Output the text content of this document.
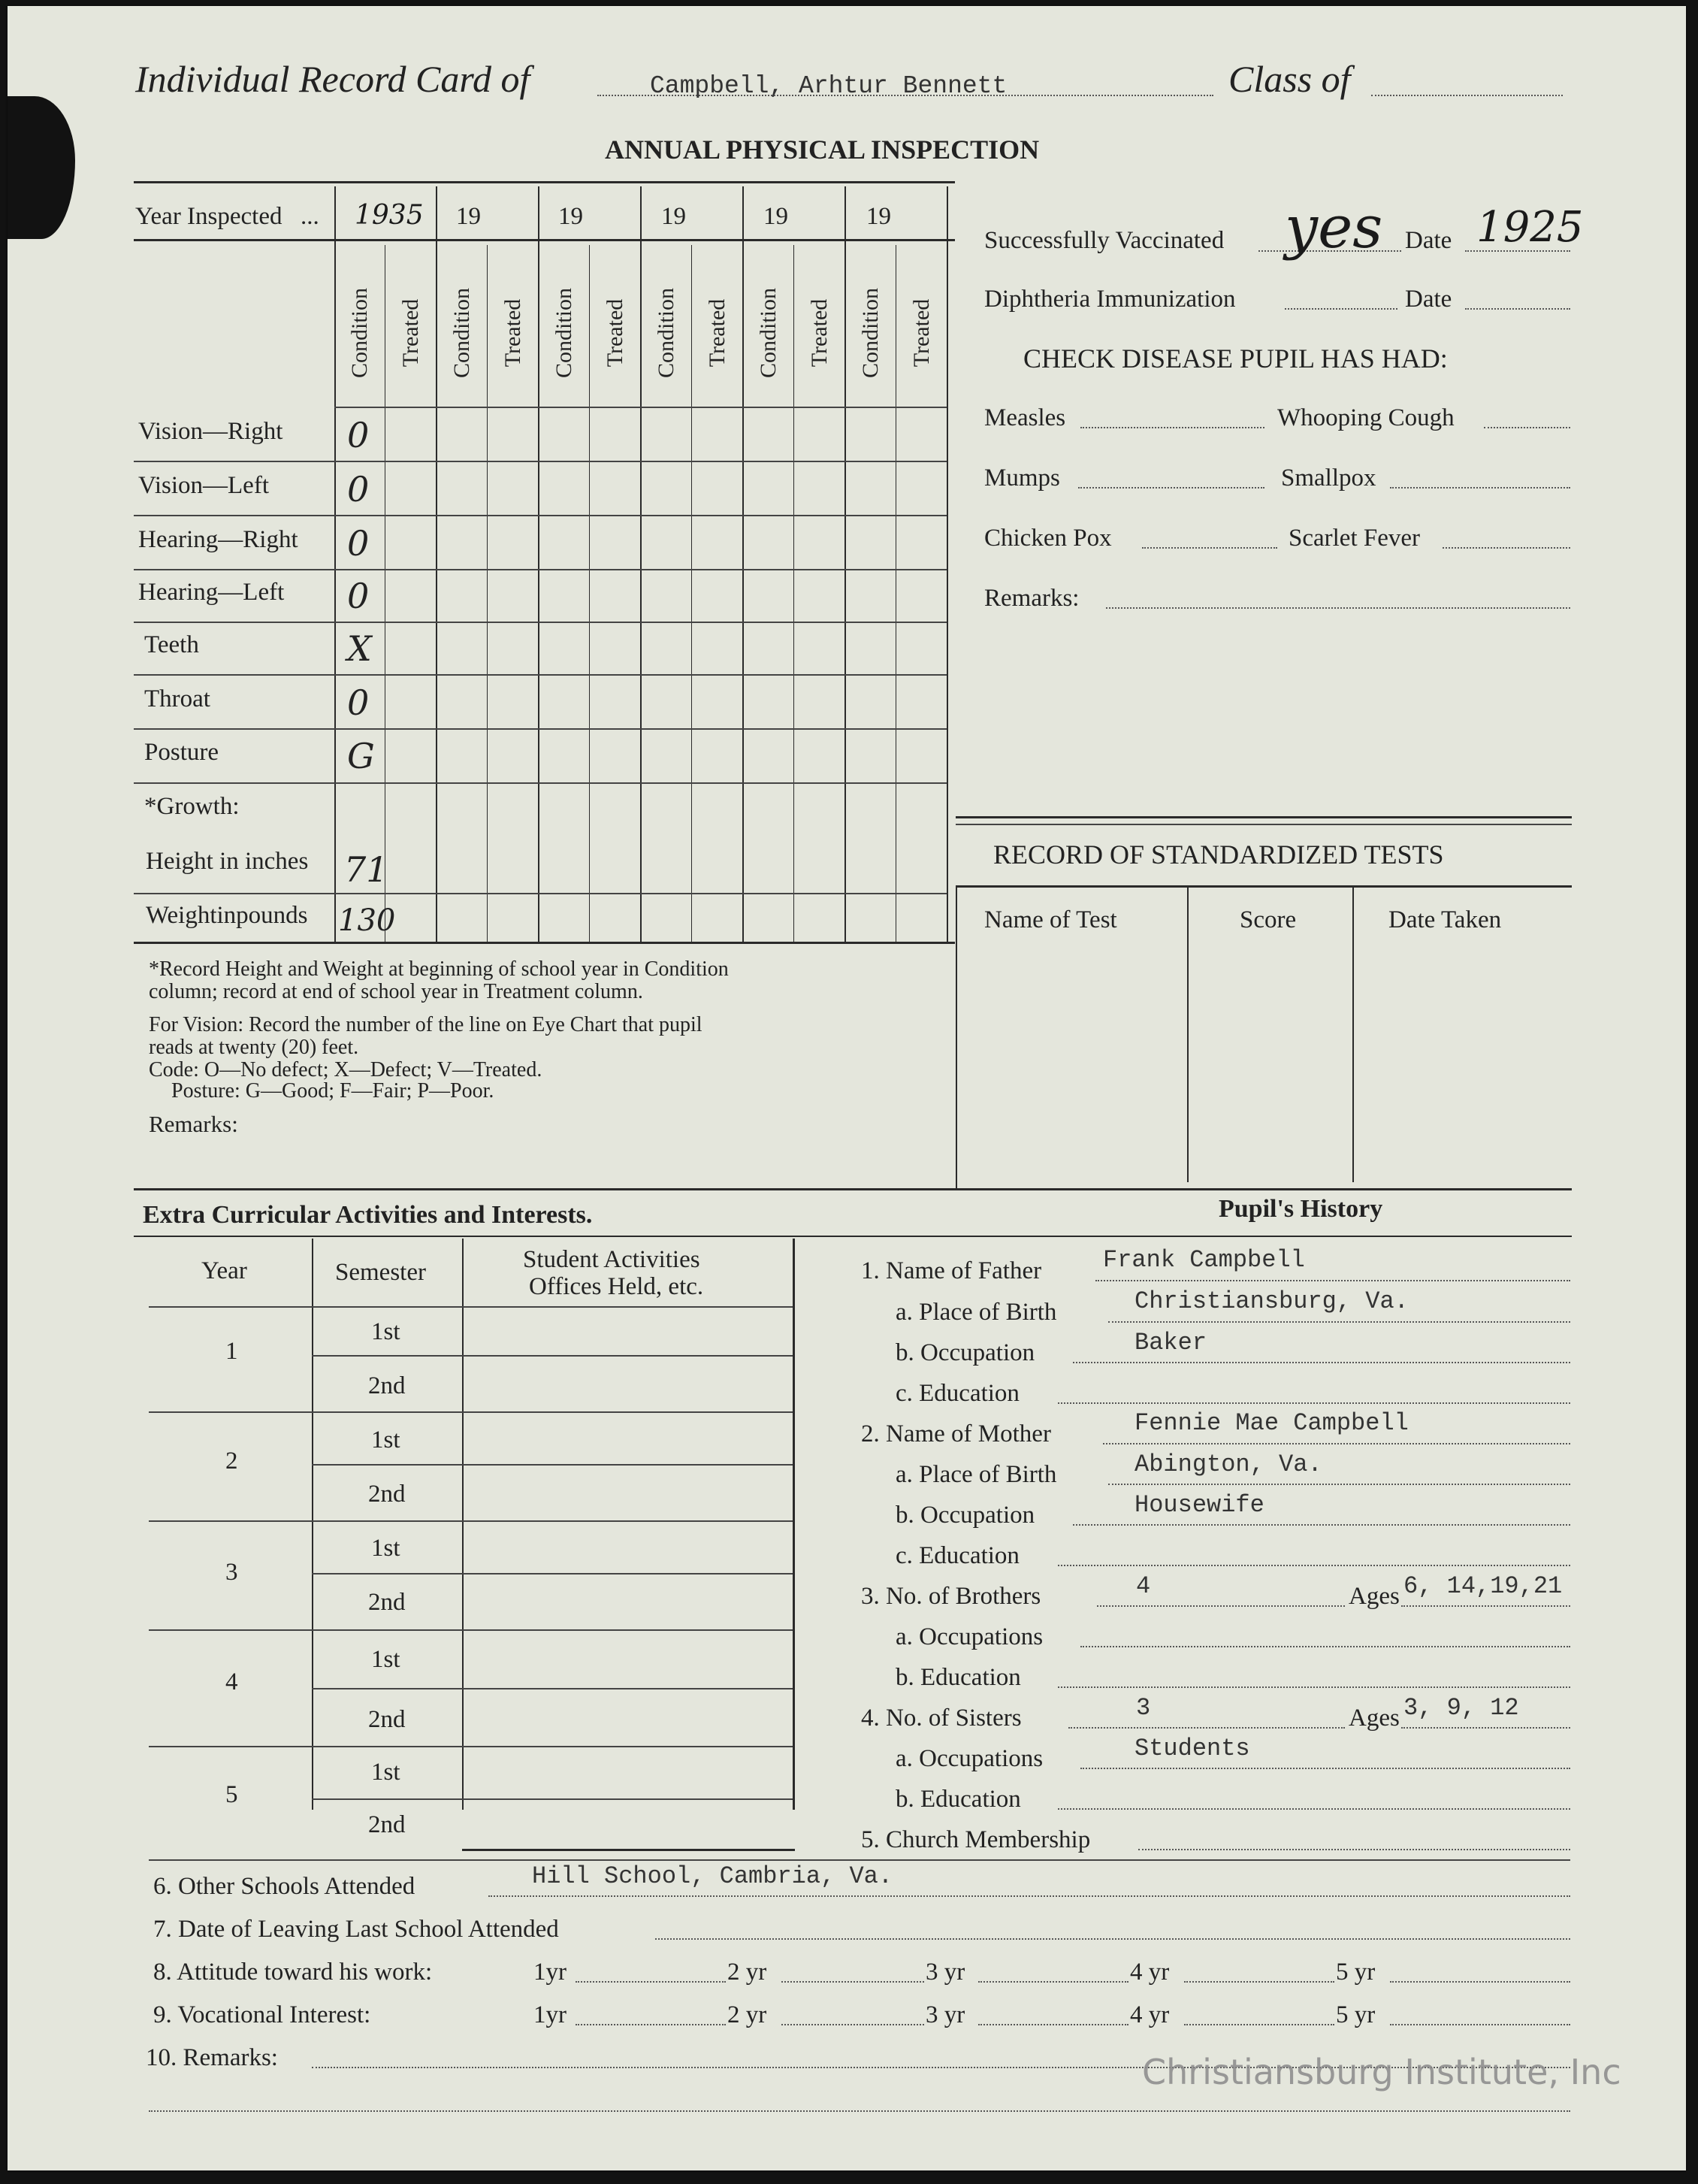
Individual Record Card of	Campbell, Arhtur Bennett	Class of
ANNUAL PHYSICAL INSPECTION
Year Inspected ... 1935 19	19	19	19	19
Condition Treated Condition Treated Condition Treated Condition Treated Condition Treated Condition Treated
Vision—Right 0
Vision—Left 0
Hearing—Right 0
Hearing—Left 0
Teeth	X
Throat	0
Posture	G
*Growth:
Height in inches 71
Weightinpounds 130
*Record Height and Weight at beginning of school year in Condition
column; record at end of school year in Treatment column.
For Vision: Record the number of the line on Eye Chart that pupil
reads at twenty (20) feet.
Code: O—No defect; X—Defect; V—Treated.
Posture: G—Good; F—Fair; P—Poor.
Remarks:
Successfully Vaccinated yes Date 1925
Diphtheria Immunization	Date
CHECK DISEASE PUPIL HAS HAD:
Measles	Whooping Cough
Mumps	Smallpox
Chicken Pox	Scarlet Fever
Remarks:
RECORD OF STANDARDIZED TESTS
Name of Test	Score	Date Taken
Extra Curricular Activities and Interests.	Pupil's History
Year	Semester	Student Activities
Offices Held, etc.
1
1st
2nd
2
1st
2nd
3
1st
2nd
4
1st
2nd
5
1st
2nd
1. Name of Father	Frank Campbell
a. Place of Birth	Christiansburg, Va.
b. Occupation	Baker
c. Education
2. Name of Mother	Fennie Mae Campbell
a. Place of Birth	Abington, Va.
b. Occupation	Housewife
c. Education
3. No. of Brothers	4	Ages 6, 14,19,21
a. Occupations
b. Education
4. No. of Sisters	3	Ages 3, 9, 12
a. Occupations	Students
b. Education
5. Church Membership
6. Other Schools Attended	Hill School, Cambria, Va.
7. Date of Leaving Last School Attended
8. Attitude toward his work:	1yr	2 yr	3 yr	4 yr	5 yr
9. Vocational Interest:	1yr	2 yr	3 yr	4 yr	5 yr
10. Remarks:	Christiansburg Institute, Inc
